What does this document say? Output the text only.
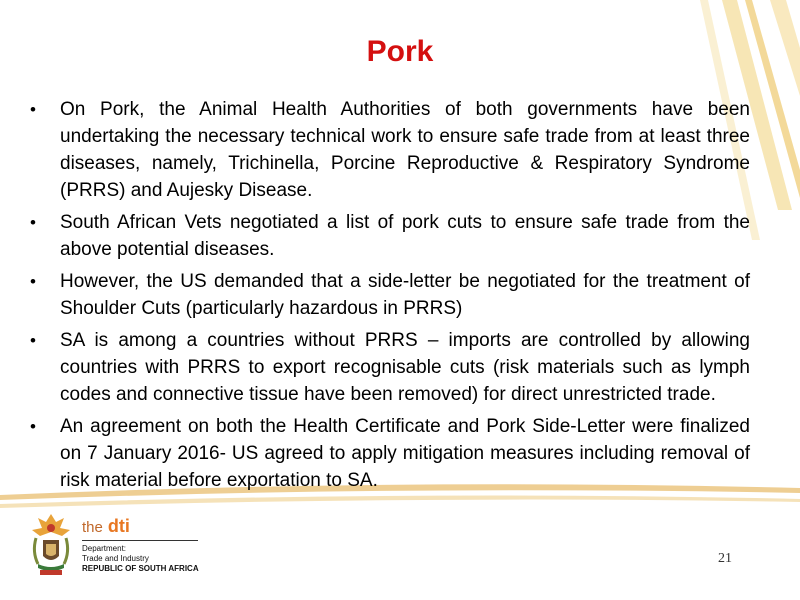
Pork
• On Pork, the Animal Health Authorities of both governments have been undertaking the necessary technical work to ensure safe trade from at least three diseases, namely, Trichinella, Porcine Reproductive & Respiratory Syndrome (PRRS) and Aujesky Disease.
• South African Vets negotiated a list of pork cuts to ensure safe trade from the above potential diseases.
• However, the US demanded that a side-letter be negotiated for the treatment of Shoulder Cuts (particularly hazardous in PRRS)
• SA is among a countries without PRRS – imports are controlled by allowing countries with PRRS to export recognisable cuts (risk materials such as lymph codes and connective tissue have been removed) for direct unrestricted trade.
• An agreement on both the Health Certificate and Pork Side-Letter were finalized on 7 January 2016- US agreed to apply mitigation measures including removal of risk material before exportation to SA.
the dti
Department:
Trade and Industry
REPUBLIC OF SOUTH AFRICA
21
